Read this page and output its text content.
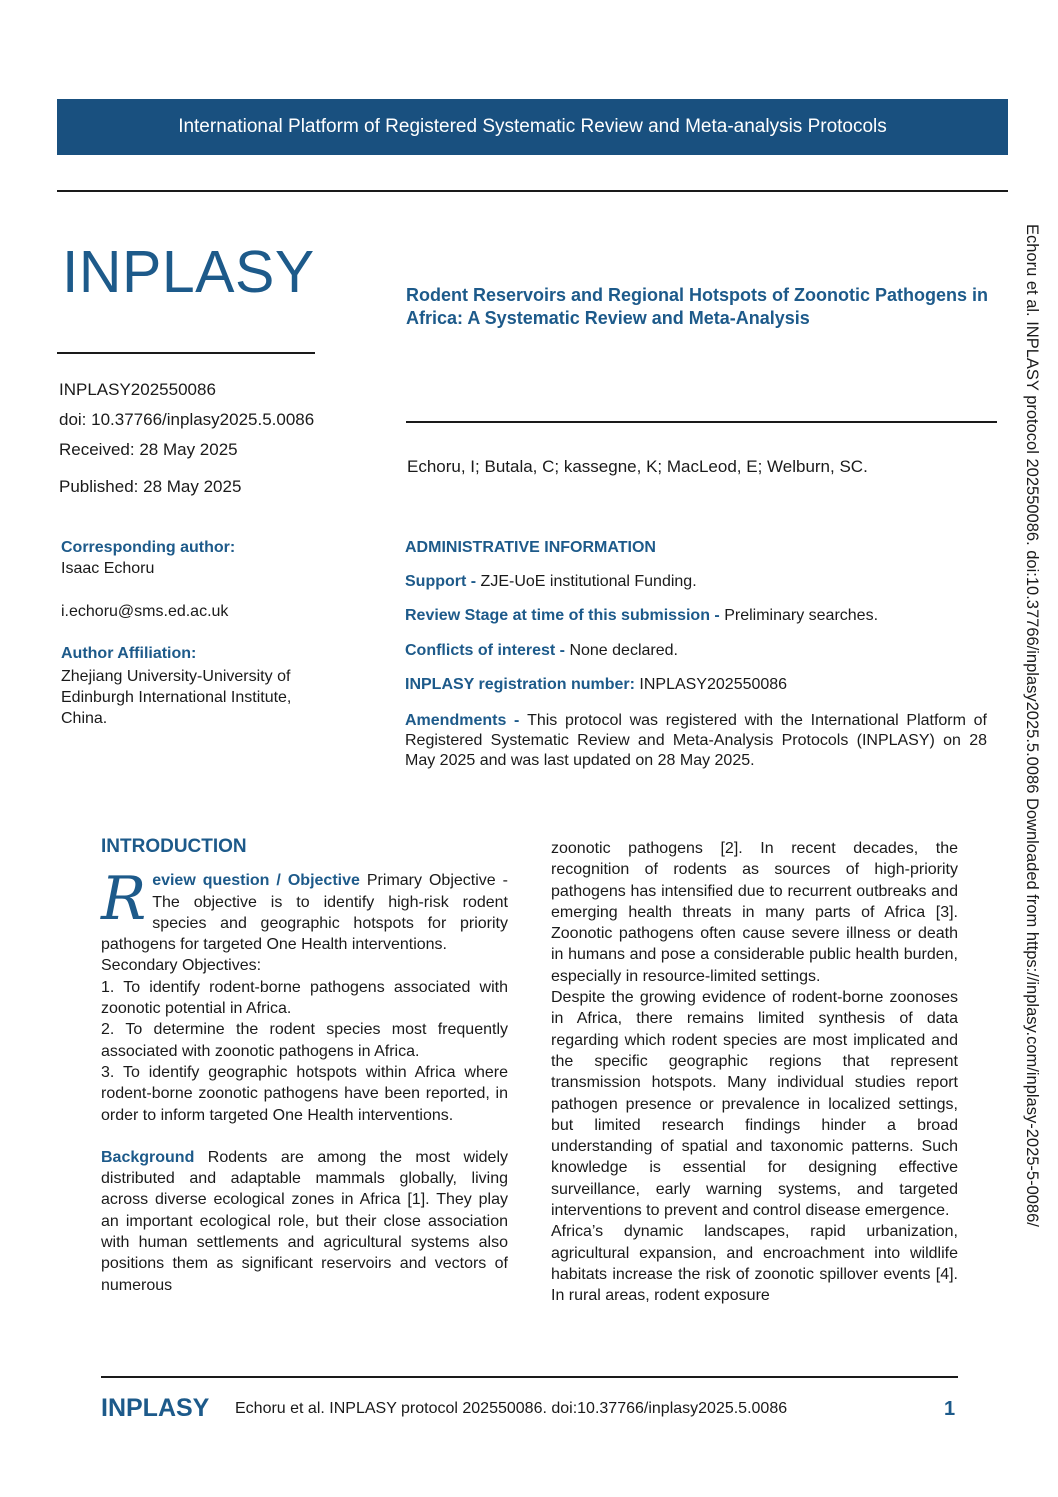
International Platform of Registered Systematic Review and Meta-analysis Protocols
INPLASY	Rodent Reservoirs and Regional Hotspots of Zoonotic Pathogens in Africa: A Systematic Review and Meta-Analysis
INPLASY202550086
doi: 10.37766/inplasy2025.5.0086
Received: 28 May 2025
Published: 28 May 2025
Echoru, I; Butala, C; kassegne, K; MacLeod, E; Welburn, SC.
Corresponding author:
Isaac Echoru
i.echoru@sms.ed.ac.uk
Author Affiliation:
Zhejiang University-University of Edinburgh International Institute, China.
ADMINISTRATIVE INFORMATION
Support - ZJE-UoE institutional Funding.
Review Stage at time of this submission - Preliminary searches.
Conflicts of interest - None declared.
INPLASY registration number: INPLASY202550086
Amendments - This protocol was registered with the International Platform of Registered Systematic Review and Meta-Analysis Protocols (INPLASY) on 28 May 2025 and was last updated on 28 May 2025.
INTRODUCTION

Review question / Objective Primary Objective - The objective is to identify high-risk rodent species and geographic hotspots for priority pathogens for targeted One Health interventions.

Secondary Objectives:

1. To identify rodent-borne pathogens associated with zoonotic potential in Africa.

2. To determine the rodent species most frequently associated with zoonotic pathogens in Africa.

3. To identify geographic hotspots within Africa where rodent-borne zoonotic pathogens have been reported, in order to inform targeted One Health interventions.

Background Rodents are among the most widely distributed and adaptable mammals globally, living across diverse ecological zones in Africa [1]. They play an important ecological role, but their close association with human settlements and agricultural systems also positions them as significant reservoirs and vectors of numerous

zoonotic pathogens [2]. In recent decades, the recognition of rodents as sources of high-priority pathogens has intensified due to recurrent outbreaks and emerging health threats in many parts of Africa [3]. Zoonotic pathogens often cause severe illness or death in humans and pose a considerable public health burden, especially in resource-limited settings.

Despite the growing evidence of rodent-borne zoonoses in Africa, there remains limited synthesis of data regarding which rodent species are most implicated and the specific geographic regions that represent transmission hotspots. Many individual studies report pathogen presence or prevalence in localized settings, but limited research findings hinder a broad understanding of spatial and taxonomic patterns. Such knowledge is essential for designing effective surveillance, early warning systems, and targeted interventions to prevent and control disease emergence.

Africa’s dynamic landscapes, rapid urbanization, agricultural expansion, and encroachment into wildlife habitats increase the risk of zoonotic spillover events [4]. In rural areas, rodent exposure

Echoru et al. INPLASY protocol 202550086. doi:10.37766/inplasy2025.5.0086 Downloaded from https://inplasy.com/inplasy-2025-5-0086/
INPLASY Echoru et al. INPLASY protocol 202550086. doi:10.37766/inplasy2025.5.0086	1
